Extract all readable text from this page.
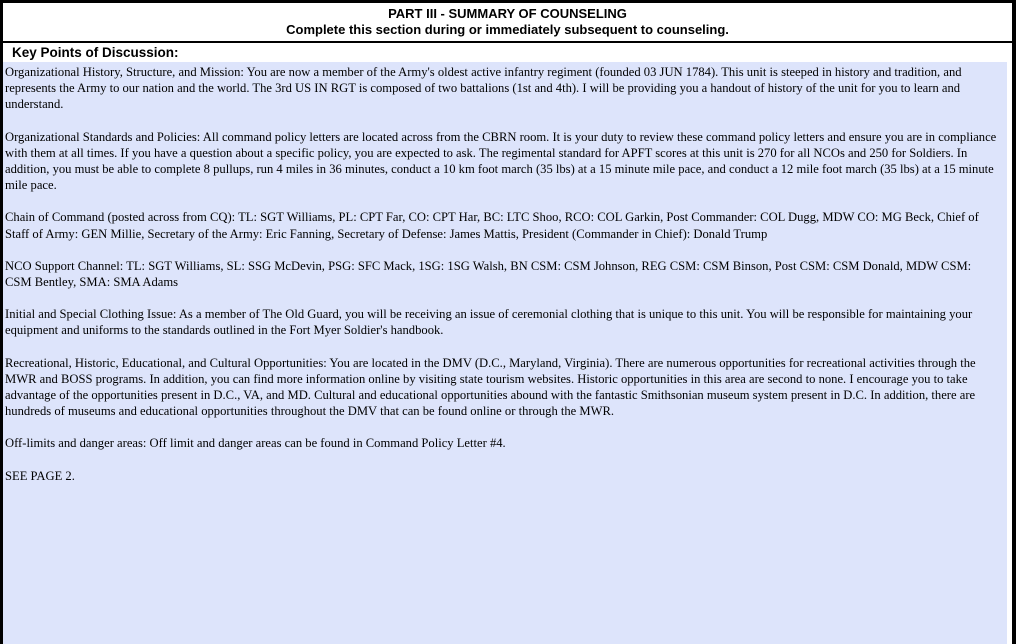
PART III - SUMMARY OF COUNSELING
Complete this section during or immediately subsequent to counseling.
Key Points of Discussion:

Organizational History, Structure, and Mission: You are now a member of the Army's oldest active infantry regiment (founded 03 JUN 1784). This unit is steeped in history and tradition, and represents the Army to our nation and the world. The 3rd US IN RGT is composed of two battalions (1st and 4th). I will be providing you a handout of history of the unit for you to learn and understand.

Organizational Standards and Policies: All command policy letters are located across from the CBRN room. It is your duty to review these command policy letters and ensure you are in compliance with them at all times. If you have a question about a specific policy, you are expected to ask. The regimental standard for APFT scores at this unit is 270 for all NCOs and 250 for Soldiers. In addition, you must be able to complete 8 pullups, run 4 miles in 36 minutes, conduct a 10 km foot march (35 lbs) at a 15 minute mile pace, and conduct a 12 mile foot march (35 lbs) at a 15 minute mile pace.

Chain of Command (posted across from CQ): TL: SGT Williams, PL: CPT Far, CO: CPT Har, BC: LTC Shoo, RCO: COL Garkin, Post Commander: COL Dugg, MDW CO: MG Beck, Chief of Staff of Army: GEN Millie, Secretary of the Army: Eric Fanning, Secretary of Defense: James Mattis, President (Commander in Chief): Donald Trump

NCO Support Channel: TL: SGT Williams, SL: SSG McDevin, PSG: SFC Mack, 1SG: 1SG Walsh, BN CSM: CSM Johnson, REG CSM: CSM Binson, Post CSM: CSM Donald, MDW CSM: CSM Bentley, SMA: SMA Adams

Initial and Special Clothing Issue: As a member of The Old Guard, you will be receiving an issue of ceremonial clothing that is unique to this unit. You will be responsible for maintaining your equipment and uniforms to the standards outlined in the Fort Myer Soldier's handbook.

Recreational, Historic, Educational, and Cultural Opportunities: You are located in the DMV (D.C., Maryland, Virginia). There are numerous opportunities for recreational activities through the MWR and BOSS programs. In addition, you can find more information online by visiting state tourism websites. Historic opportunities in this area are second to none. I encourage you to take advantage of the opportunities present in D.C., VA, and MD. Cultural and educational opportunities abound with the fantastic Smithsonian museum system present in D.C. In addition, there are hundreds of museums and educational opportunities throughout the DMV that can be found online or through the MWR.

Off-limits and danger areas: Off limit and danger areas can be found in Command Policy Letter #4.

SEE PAGE 2.
